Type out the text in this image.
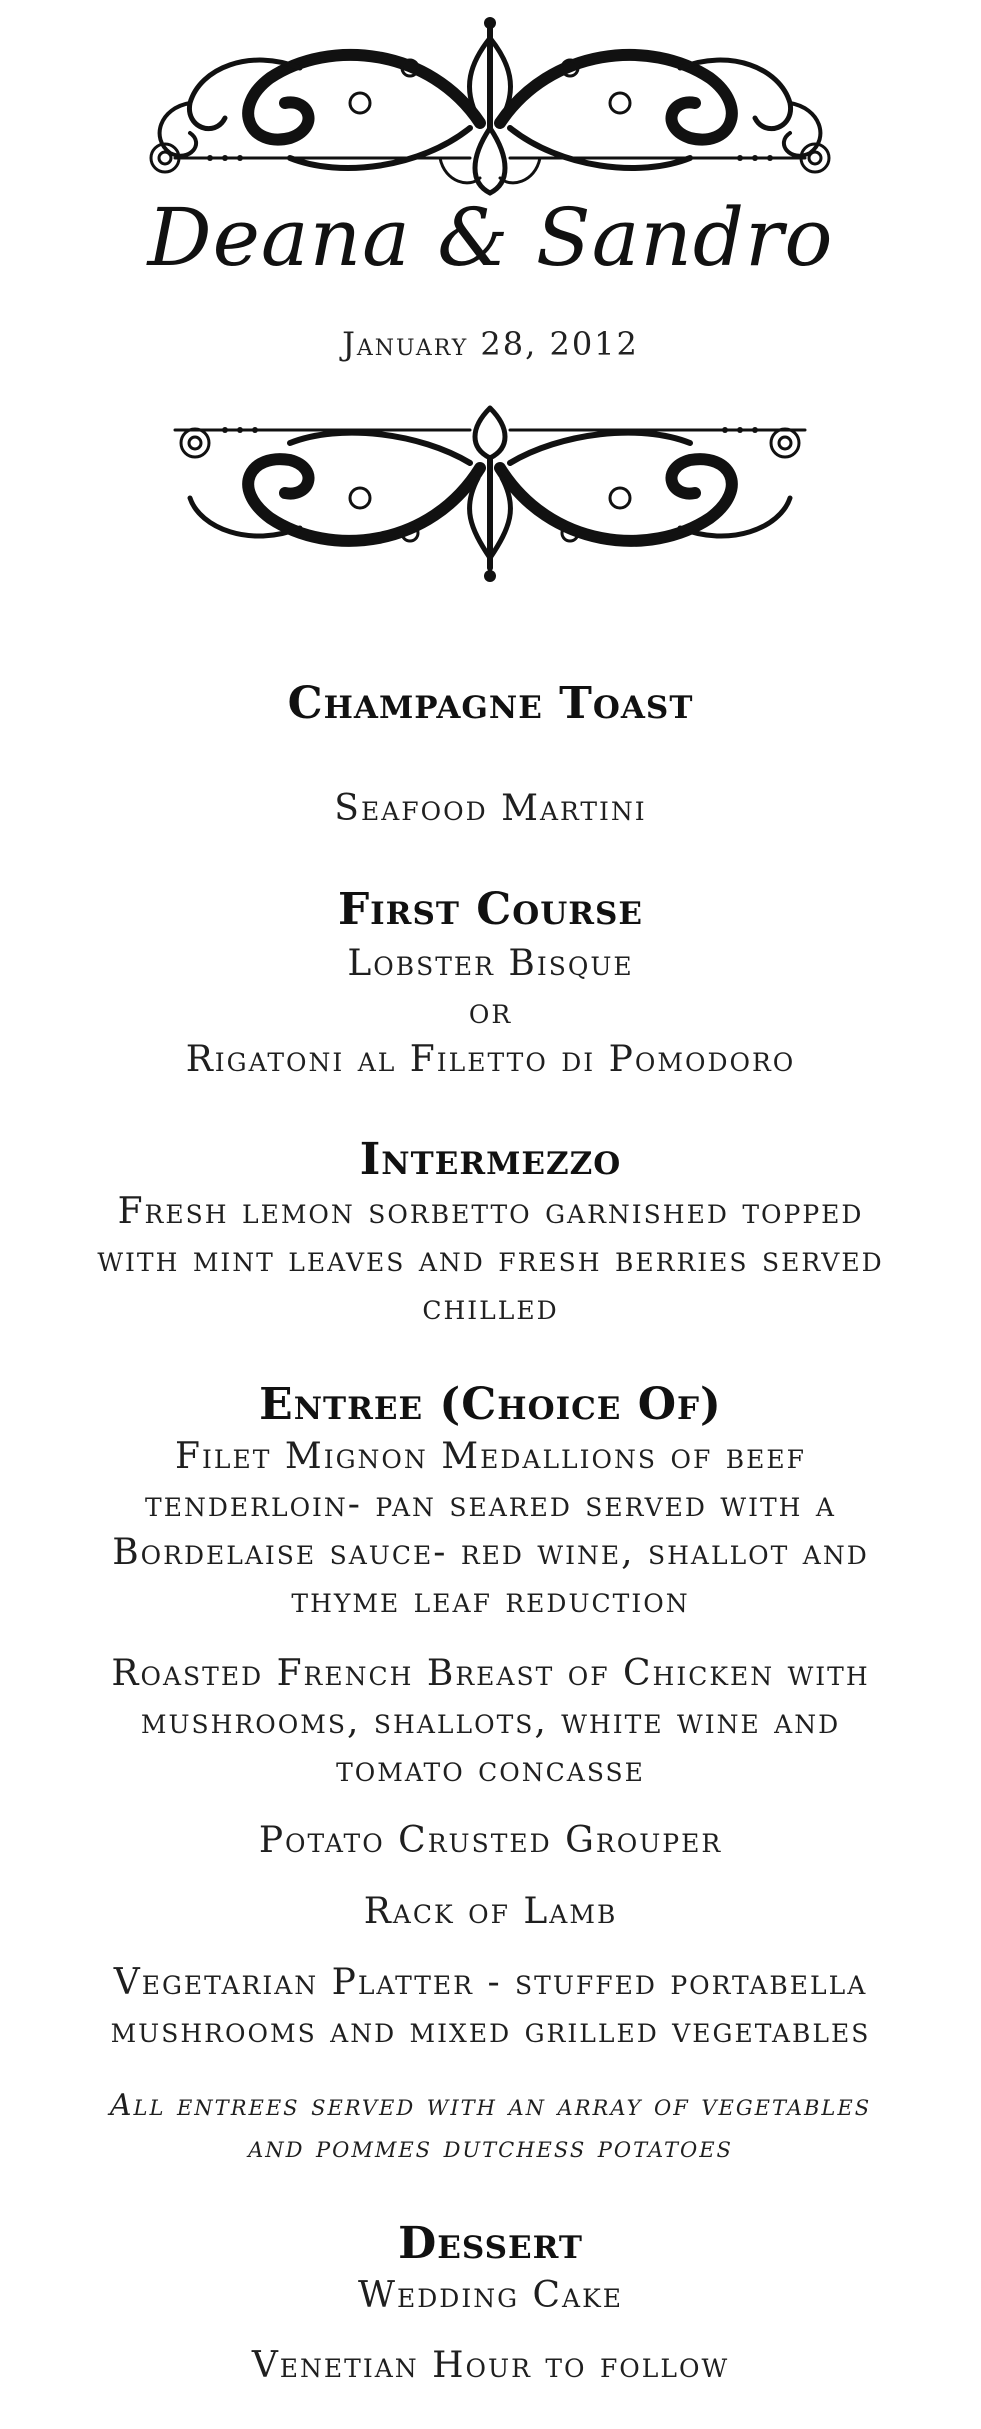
Deana & Sandro
January 28, 2012
Champagne Toast
Seafood Martini
First Course
Lobster Bisque
or
Rigatoni al Filetto di Pomodoro
Intermezzo
Fresh lemon sorbetto garnished topped
with mint leaves and fresh berries served
chilled
Entree (Choice Of)
Filet Mignon Medallions of beef
tenderloin- pan seared served with a
Bordelaise sauce- red wine, shallot and
thyme leaf reduction
Roasted French Breast of Chicken with
mushrooms, shallots, white wine and
tomato concasse
Potato Crusted Grouper
Rack of Lamb
Vegetarian Platter - stuffed portabella
mushrooms and mixed grilled vegetables
All entrees served with an array of vegetables
and pommes dutchess potatoes
Dessert
Wedding Cake
Venetian Hour to follow
